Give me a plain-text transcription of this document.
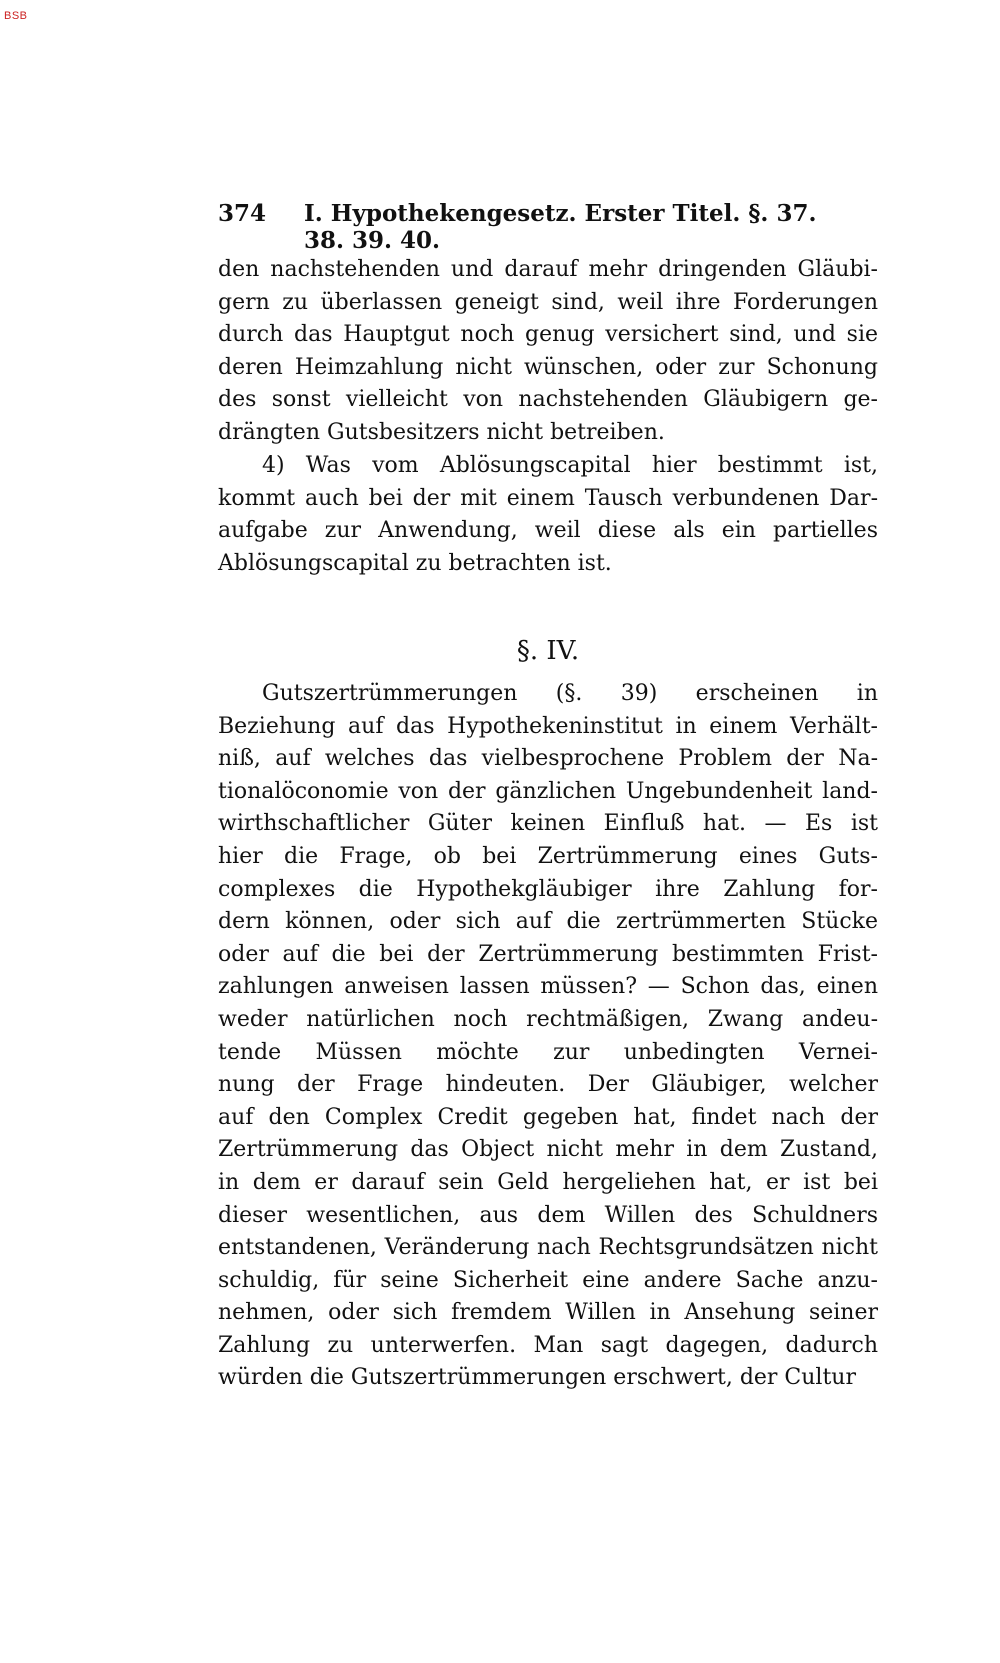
BSB
374 I. Hypothekengesetz. Erster Titel. §. 37. 38. 39. 40.
den nachstehenden und darauf mehr dringenden Gläubi-
gern zu überlassen geneigt sind, weil ihre Forderungen
durch das Hauptgut noch genug versichert sind, und sie
deren Heimzahlung nicht wünschen, oder zur Schonung
des sonst vielleicht von nachstehenden Gläubigern ge-
drängten Gutsbesitzers nicht betreiben.
4) Was vom Ablösungscapital hier bestimmt ist,
kommt auch bei der mit einem Tausch verbundenen Dar-
aufgabe zur Anwendung, weil diese als ein partielles
Ablösungscapital zu betrachten ist.
§. IV.
Gutszertrümmerungen (§. 39) erscheinen in
Beziehung auf das Hypothekeninstitut in einem Verhält-
niß, auf welches das vielbesprochene Problem der Na-
tionalöconomie von der gänzlichen Ungebundenheit land-
wirthschaftlicher Güter keinen Einfluß hat. — Es ist
hier die Frage, ob bei Zertrümmerung eines Guts-
complexes die Hypothekgläubiger ihre Zahlung for-
dern können, oder sich auf die zertrümmerten Stücke
oder auf die bei der Zertrümmerung bestimmten Frist-
zahlungen anweisen lassen müssen? — Schon das, einen
weder natürlichen noch rechtmäßigen, Zwang andeu-
tende Müssen möchte zur unbedingten Vernei-
nung der Frage hindeuten. Der Gläubiger, welcher
auf den Complex Credit gegeben hat, findet nach der
Zertrümmerung das Object nicht mehr in dem Zustand,
in dem er darauf sein Geld hergeliehen hat, er ist bei
dieser wesentlichen, aus dem Willen des Schuldners
entstandenen, Veränderung nach Rechtsgrundsätzen nicht
schuldig, für seine Sicherheit eine andere Sache anzu-
nehmen, oder sich fremdem Willen in Ansehung seiner
Zahlung zu unterwerfen. Man sagt dagegen, dadurch
würden die Gutszertrümmerungen erschwert, der Cultur
